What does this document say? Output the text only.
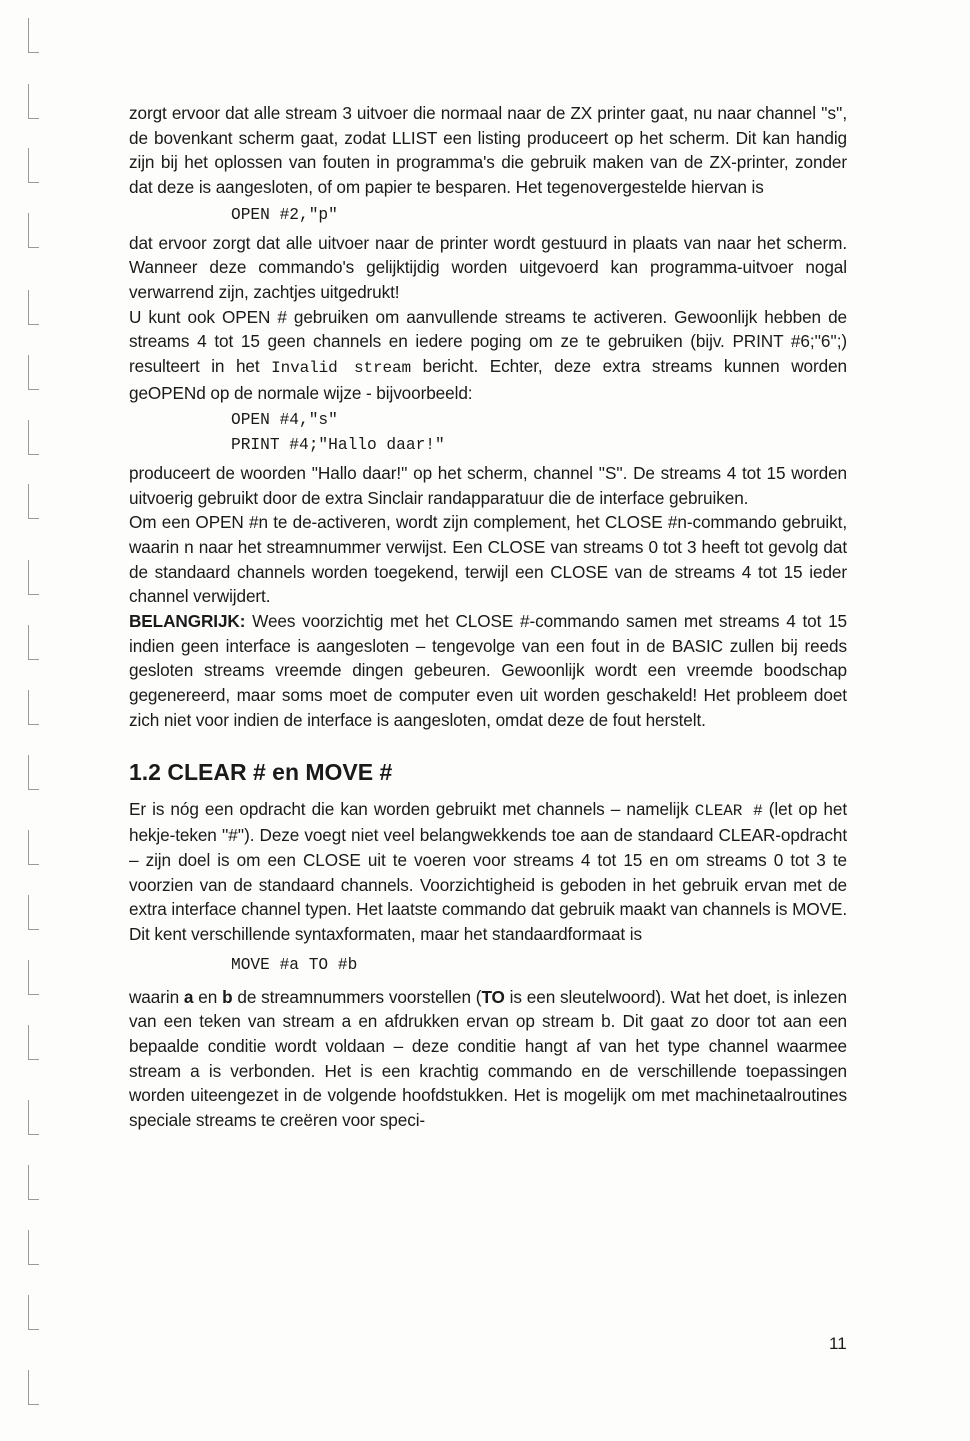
zorgt ervoor dat alle stream 3 uitvoer die normaal naar de ZX printer gaat, nu naar channel ''s'', de bovenkant scherm gaat, zodat LLIST een listing produceert op het scherm. Dit kan handig zijn bij het oplossen van fouten in programma's die gebruik maken van de ZX-printer, zonder dat deze is aangesloten, of om papier te besparen. Het tegenovergestelde hiervan is

OPEN #2,"p"

dat ervoor zorgt dat alle uitvoer naar de printer wordt gestuurd in plaats van naar het scherm. Wanneer deze commando's gelijktijdig worden uitgevoerd kan programma-uitvoer nogal verwarrend zijn, zachtjes uitgedrukt!

U kunt ook OPEN # gebruiken om aanvullende streams te activeren. Gewoonlijk hebben de streams 4 tot 15 geen channels en iedere poging om ze te gebruiken (bijv. PRINT #6;''6'';) resulteert in het Invalid stream bericht. Echter, deze extra streams kunnen worden geOPENd op de normale wijze - bijvoorbeeld:

OPEN #4,"s"
PRINT #4;"Hallo daar!"

produceert de woorden ''Hallo daar!'' op het scherm, channel ''S''. De streams 4 tot 15 worden uitvoerig gebruikt door de extra Sinclair randapparatuur die de interface gebruiken.

Om een OPEN #n te de-activeren, wordt zijn complement, het CLOSE #n-commando gebruikt, waarin n naar het streamnummer verwijst. Een CLOSE van streams 0 tot 3 heeft tot gevolg dat de standaard channels worden toegekend, terwijl een CLOSE van de streams 4 tot 15 ieder channel verwijdert.

BELANGRIJK: Wees voorzichtig met het CLOSE #-commando samen met streams 4 tot 15 indien geen interface is aangesloten – tengevolge van een fout in de BASIC zullen bij reeds gesloten streams vreemde dingen gebeuren. Gewoonlijk wordt een vreemde boodschap gegenereerd, maar soms moet de computer even uit worden geschakeld! Het probleem doet zich niet voor indien de interface is aangesloten, omdat deze de fout herstelt.

1.2 CLEAR # en MOVE #

Er is nóg een opdracht die kan worden gebruikt met channels – namelijk CLEAR # (let op het hekje-teken ''#''). Deze voegt niet veel belangwekkends toe aan de standaard CLEAR-opdracht – zijn doel is om een CLOSE uit te voeren voor streams 4 tot 15 en om streams 0 tot 3 te voorzien van de standaard channels. Voorzichtigheid is geboden in het gebruik ervan met de extra interface channel typen. Het laatste commando dat gebruik maakt van channels is MOVE. Dit kent verschillende syntaxformaten, maar het standaardformaat is

MOVE #a TO #b

waarin a en b de streamnummers voorstellen (TO is een sleutelwoord). Wat het doet, is inlezen van een teken van stream a en afdrukken ervan op stream b. Dit gaat zo door tot aan een bepaalde conditie wordt voldaan – deze conditie hangt af van het type channel waarmee stream a is verbonden. Het is een krachtig commando en de verschillende toepassingen worden uiteengezet in de volgende hoofdstukken. Het is mogelijk om met machinetaalroutines speciale streams te creëren voor speci-

11
